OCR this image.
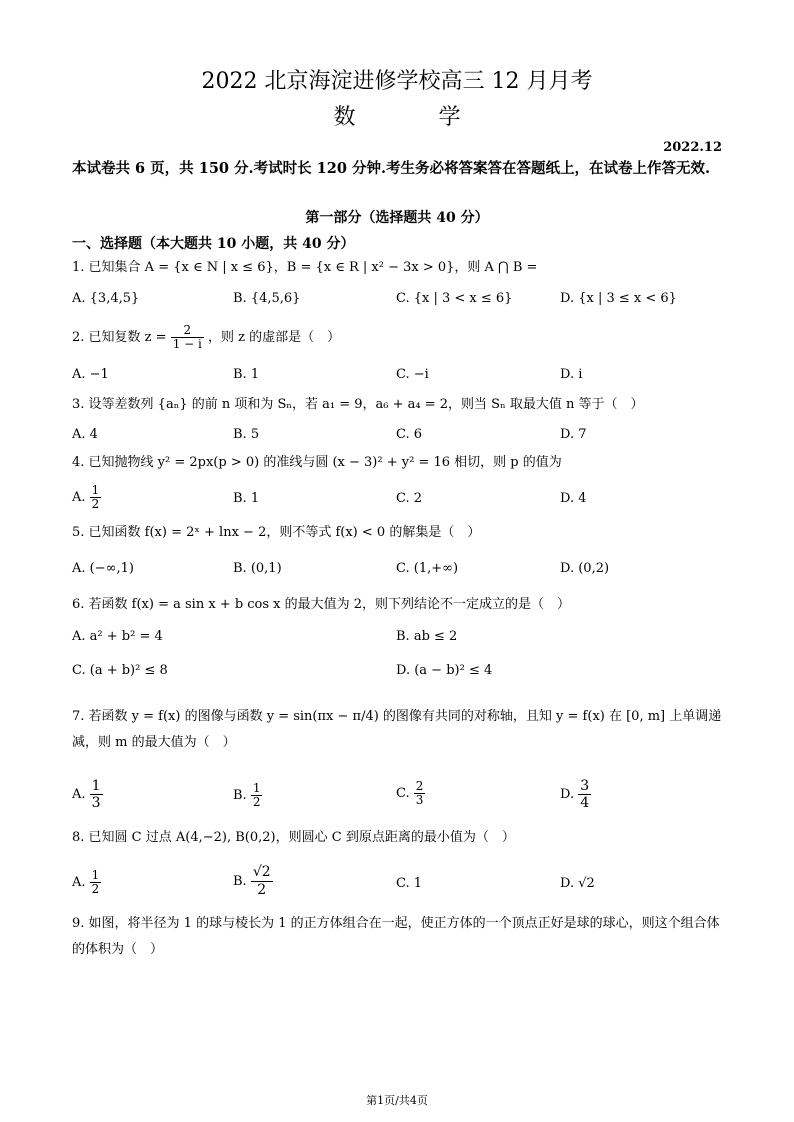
2022 北京海淀进修学校高三 12 月月考
数 学
2022.12
本试卷共 6 页，共 150 分.考试时长 120 分钟.考生务必将答案答在答题纸上，在试卷上作答无效.
第一部分（选择题共 40 分）
一、选择题（本大题共 10 小题，共 40 分）
1. 已知集合 A = {x ∈ N | x ≤ 6}，B = {x ∈ R | x² − 3x > 0}，则 A ⋂ B =
A. {3,4,5}	B. {4,5,6}	C. {x | 3 < x ≤ 6}	D. {x | 3 ≤ x < 6}
2. 已知复数 $z = \frac{2}{1 - i}$ ，则 z 的虚部是（　）
A. −1	B. 1	C. −i	D. i
3. 设等差数列 {aₙ} 的前 n 项和为 Sₙ，若 a₁ = 9，a₆ + a₄ = 2，则当 Sₙ 取最大值 n 等于（　）
A. 4	B. 5	C. 6	D. 7
4. 已知抛物线 y² = 2px(p > 0) 的准线与圆 (x − 3)² + y² = 16 相切，则 p 的值为
A. $\frac{1}{2}$	B. 1	C. 2	D. 4
5. 已知函数 f(x) = 2ˣ + lnx − 2，则不等式 f(x) < 0 的解集是（　）
A. (−∞,1)	B. (0,1)	C. (1,+∞)	D. (0,2)
6. 若函数 f(x) = a sin x + b cos x 的最大值为 2，则下列结论不一定成立的是（　）
A. a² + b² = 4	B. ab ≤ 2
C. (a + b)² ≤ 8	D. (a − b)² ≤ 4
7. 若函数 y = f(x) 的图像与函数 y = sin(πx − π/4) 的图像有共同的对称轴，且知 y = f(x) 在 [0, m] 上单调递减，则 m 的最大值为（　）
A. $\frac{1}{3}$	B. $\frac{1}{2}$	C. $\frac{2}{3}$	D. $\frac{3}{4}$
8. 已知圆 C 过点 A(4,−2), B(0,2)，则圆心 C 到原点距离的最小值为（　）
A. $\frac{1}{2}$	B. $\frac{√2}{2}$	C. 1	D. √2
9. 如图，将半径为 1 的球与棱长为 1 的正方体组合在一起，使正方体的一个顶点正好是球的球心，则这个组合体的体积为（　）
第1页/共4页
